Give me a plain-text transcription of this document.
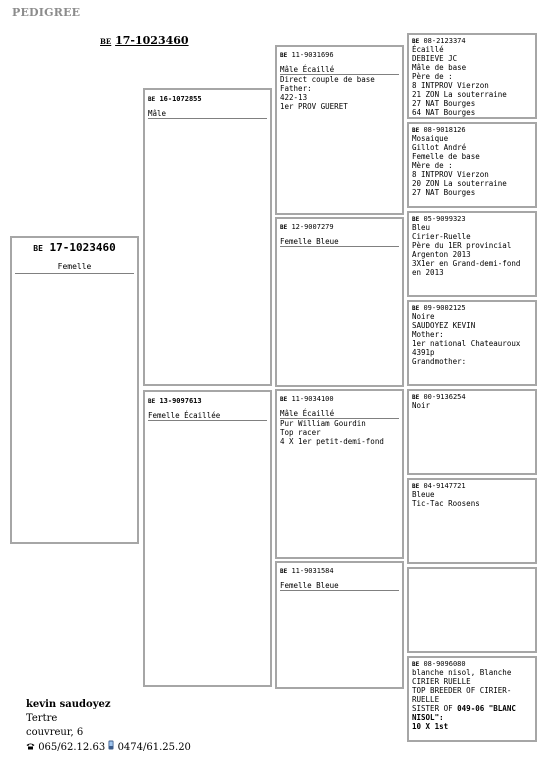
PEDIGREE
BE 17-1023460
BE 17-1023460
Femelle
BE 16-1072855
Mâle
BE 13-9097613
Femelle Écaillée
BE 11-9031696
Mâle Écaillé
Direct couple de base
Father:
422-13
1er PROV GUERET
BE 12-9007279
Femelle Bleue
BE 11-9034100
Mâle Écaillé
Pur William Gourdin
Top racer
4 X 1er petit-demi-fond
BE 11-9031584
Femelle Bleue
BE 08-2123374
Écaillé
DEBIEVE JC
Mâle de base
Père de :
8 INTPROV Vierzon
21 ZON La souterraine
27 NAT Bourges
64 NAT Bourges
BE 08-9018126
Mosaique
Gillot André
Femelle de base
Mère de :
8 INTPROV Vierzon
20 ZON La souterraine
27 NAT Bourges
BE 05-9099323
Bleu
Cirier-Ruelle
Père du 1ER provincial
Argenton 2013
3X1er en Grand-demi-fond
en 2013
BE 09-9002125
Noire
SAUDOYEZ KEVIN
Mother:
1er national Chateauroux
4391p
Grandmother:
BE 00-9136254
Noir
BE 04-9147721
Bleue
Tic-Tac Roosens
BE 08-9096080
blanche nisol, Blanche
CIRIER RUELLE
TOP BREEDER OF CIRIER-
RUELLE
SISTER OF 049-06 "BLANC
NISOL":
10 X 1st
kevin saudoyez
Tertre
couvreur, 6
065/62.12.63 0474/61.25.20
